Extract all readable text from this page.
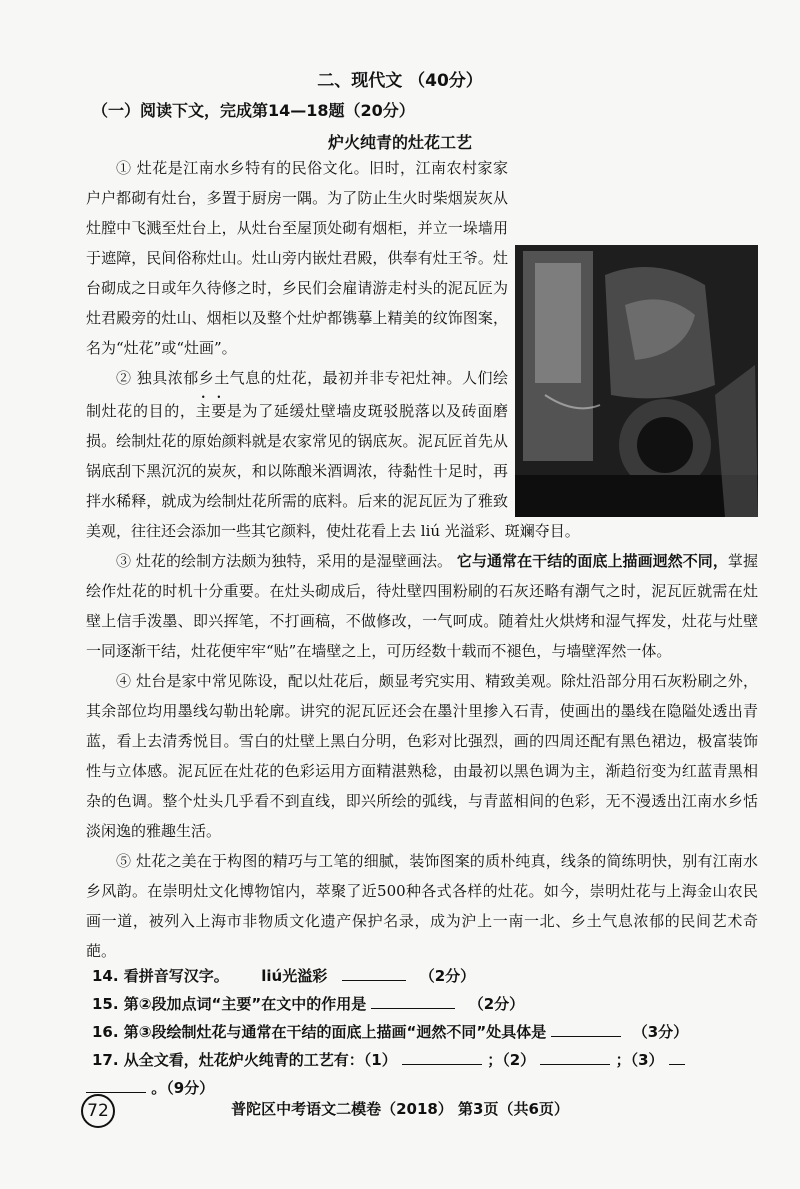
二、现代文 （40分）
（一）阅读下文，完成第14—18题（20分）
炉火纯青的灶花工艺

① 灶花是江南水乡特有的民俗文化。旧时，江南农村家家户户都砌有灶台，多置于厨房一隅。为了防止生火时柴烟炭灰从灶膛中飞溅至灶台上，从灶台至屋顶处砌有烟柜，并立一垛墙用于遮障，民间俗称灶山。灶山旁内嵌灶君殿，供奉有灶王爷。灶台砌成之日或年久待修之时，乡民们会雇请游走村头的泥瓦匠为灶君殿旁的灶山、烟柜以及整个灶炉都镌摹上精美的纹饰图案，名为“灶花”或“灶画”。

② 独具浓郁乡土气息的灶花，最初并非专祀灶神。人们绘制灶花的目的，主要是为了延缓灶壁墙皮斑驳脱落以及砖面磨损。绘制灶花的原始颜料就是农家常见的锅底灰。泥瓦匠首先从锅底刮下黑沉沉的炭灰，和以陈酿米酒调浓，待黏性十足时，再拌水稀释，就成为绘制灶花所需的底料。后来的泥瓦匠为了雅致美观，往往还会添加一些其它颜料，使灶花看上去 liú 光溢彩、斑斓夺目。

③ 灶花的绘制方法颇为独特，采用的是湿壁画法。 它与通常在干结的面底上描画迥然不同，掌握绘作灶花的时机十分重要。在灶头砌成后，待灶壁四围粉刷的石灰还略有潮气之时，泥瓦匠就需在灶壁上信手泼墨、即兴挥笔，不打画稿，不做修改，一气呵成。随着灶火烘烤和湿气挥发，灶花与灶壁一同逐渐干结，灶花便牢牢“贴”在墙壁之上，可历经数十载而不褪色，与墙壁浑然一体。

④ 灶台是家中常见陈设，配以灶花后，颇显考究实用、精致美观。除灶沿部分用石灰粉刷之外，其余部位均用墨线勾勒出轮廓。讲究的泥瓦匠还会在墨汁里掺入石青，使画出的墨线在隐隘处透出青蓝，看上去清秀悦目。雪白的灶壁上黑白分明，色彩对比强烈，画的四周还配有黑色裙边，极富装饰性与立体感。泥瓦匠在灶花的色彩运用方面精湛熟稔，由最初以黑色调为主，渐趋衍变为红蓝青黑相杂的色调。整个灶头几乎看不到直线，即兴所绘的弧线，与青蓝相间的色彩，无不漫透出江南水乡恬淡闲逸的雅趣生活。

⑤ 灶花之美在于构图的精巧与工笔的细腻，装饰图案的质朴纯真，线条的简练明快，别有江南水乡风韵。在崇明灶文化博物馆内，萃聚了近500种各式各样的灶花。如今，崇明灶花与上海金山农民画一道，被列入上海市非物质文化遗产保护名录，成为沪上一南一北、乡土气息浓郁的民间艺术奇葩。

14. 看拼音写汉字。 liú光溢彩	（2分）
15. 第②段加点词“主要”在文中的作用是	（2分）
16. 第③段绘制灶花与通常在干结的面底上描画“迥然不同”处具体是	（3分）
17. 从全文看，灶花炉火纯青的工艺有：（1）	；（2）	；（3）
。（9分）
72	普陀区中考语文二模卷（2018） 第3页（共6页）
